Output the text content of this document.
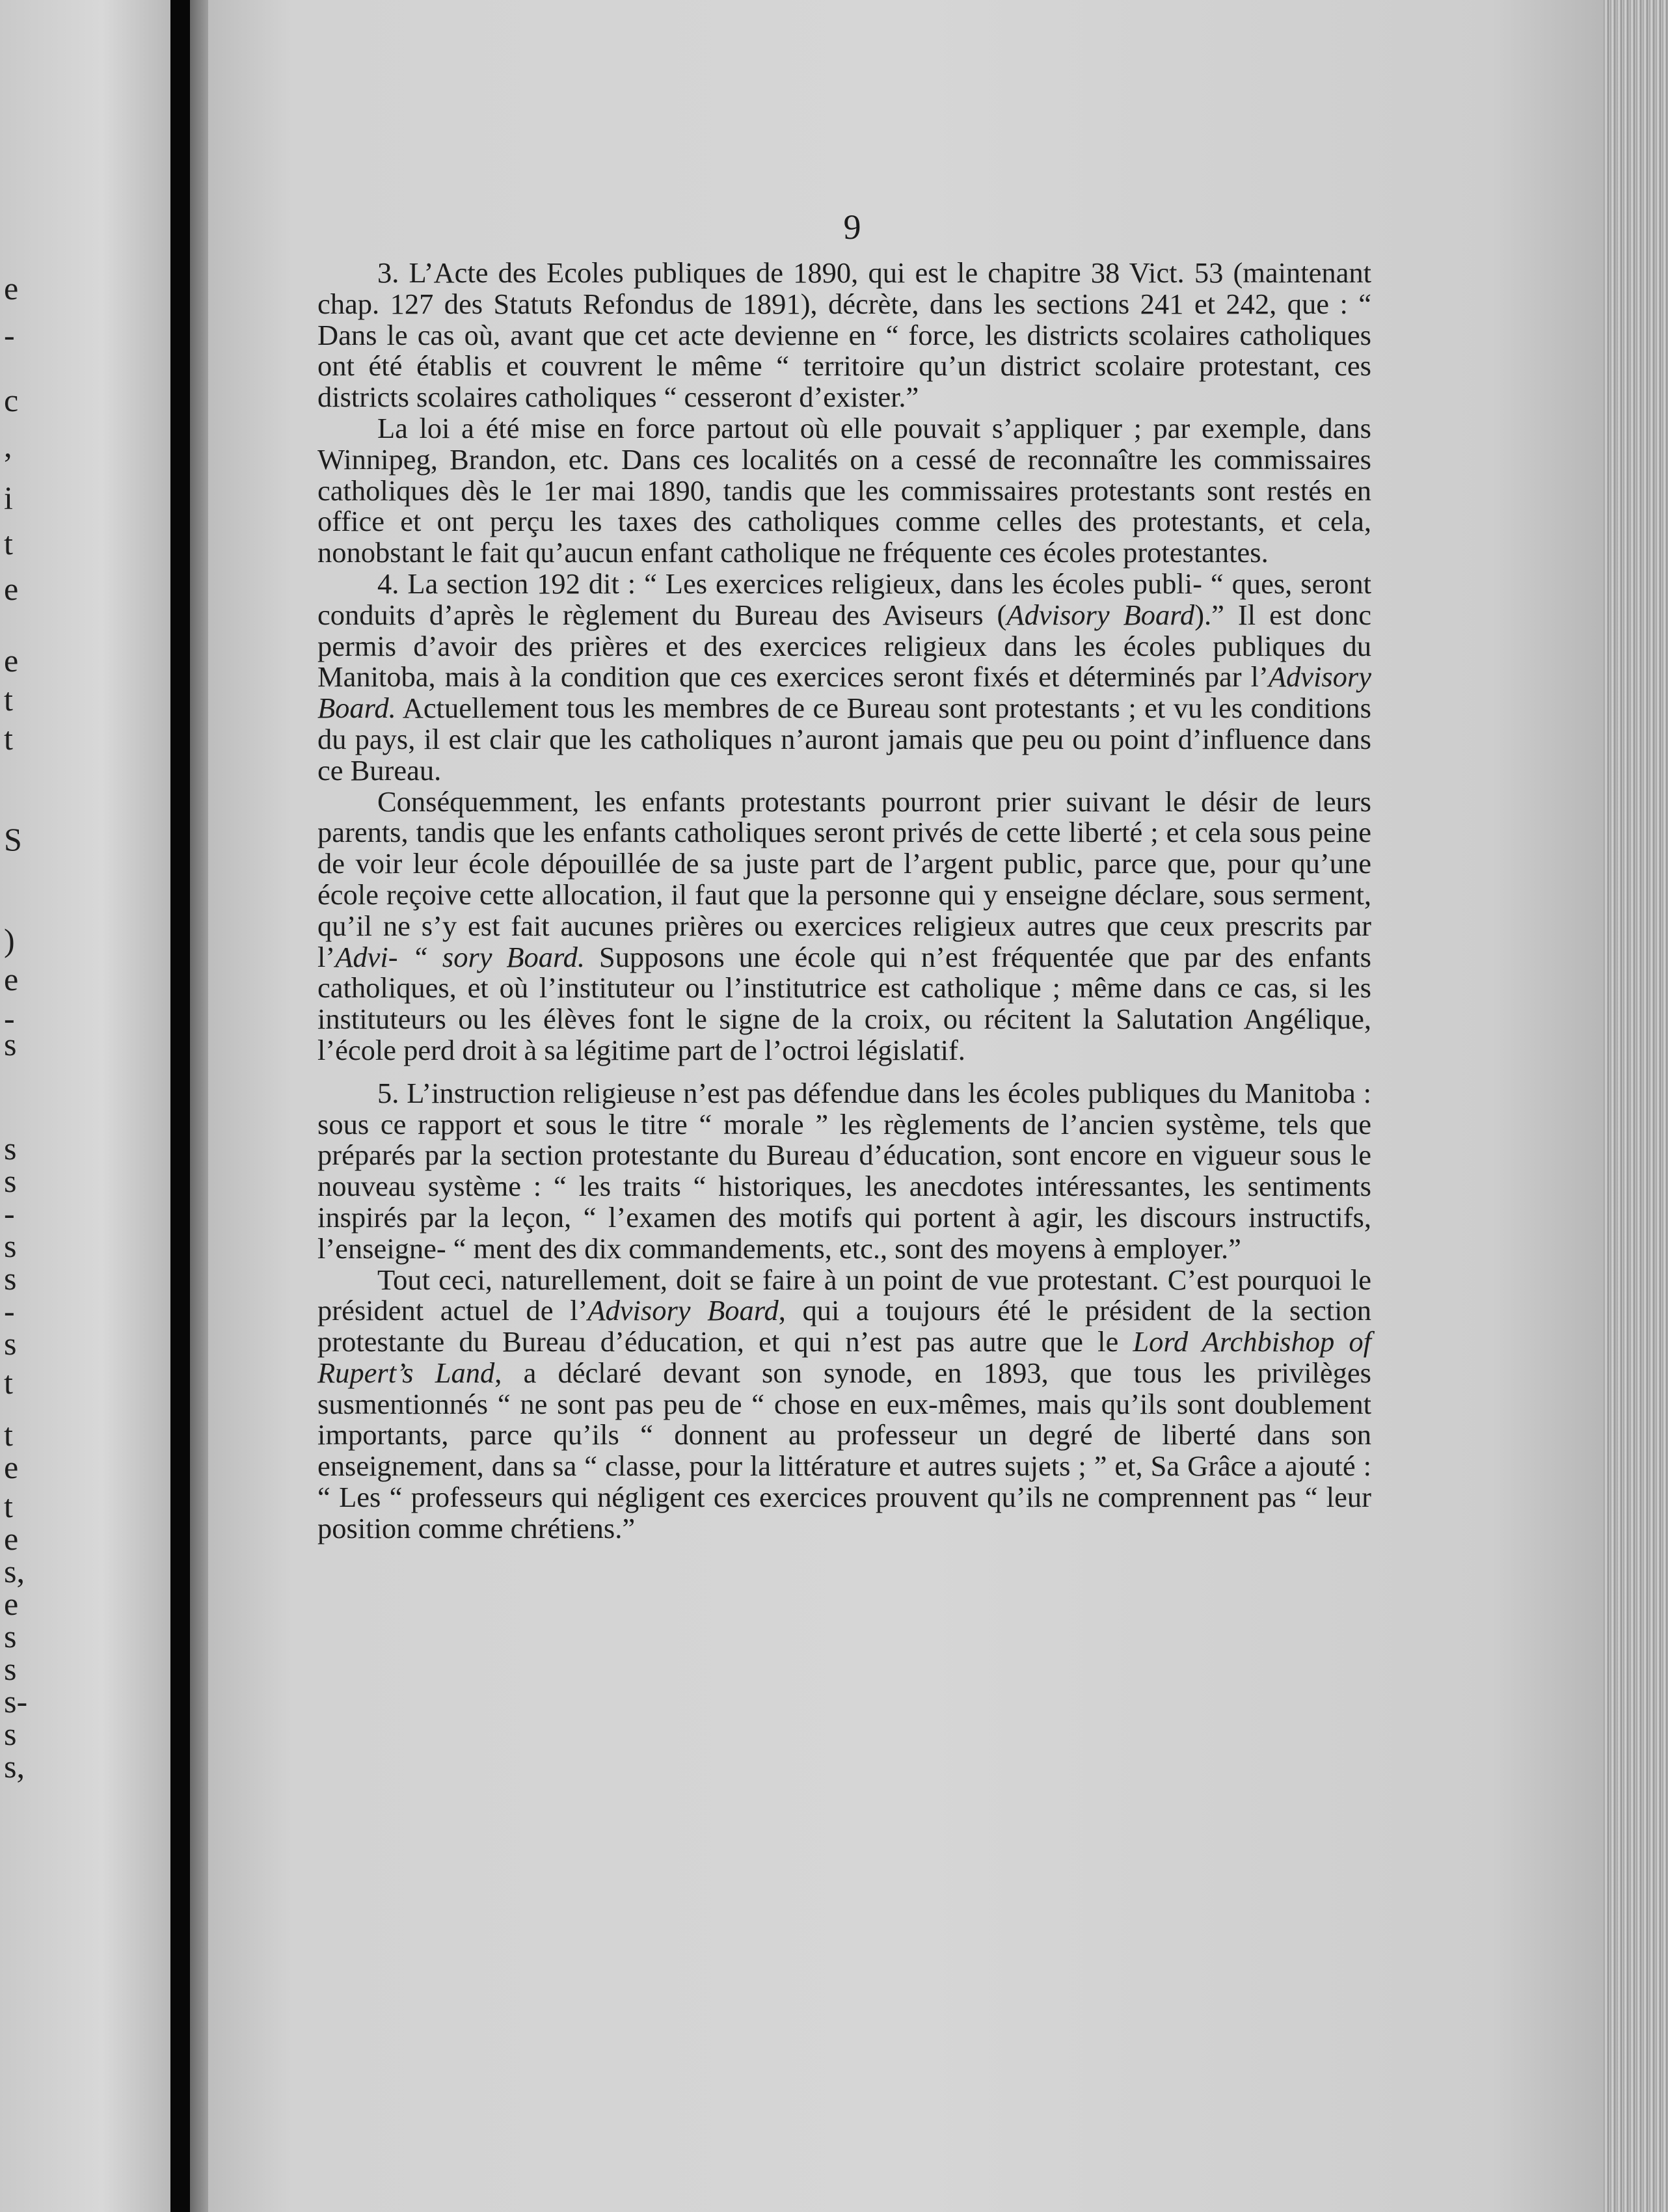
e
-
c
,
i
t
e
e
t
t
S
)
e
-
s
s
s
-
s
s
-
s
t
t
e
t
e
s,
e
s
s
s-
s
s,
9

3. L’Acte des Ecoles publiques de 1890, qui est le chapitre 38 Vict. 53 (maintenant chap. 127 des Statuts Refondus de 1891), décrète, dans les sections 241 et 242, que : “ Dans le cas où, avant que cet acte devienne en “ force, les districts scolaires catholiques ont été établis et couvrent le même “ territoire qu’un district scolaire protestant, ces districts scolaires catholiques “ cesseront d’exister.”

La loi a été mise en force partout où elle pouvait s’appliquer ; par exemple, dans Winnipeg, Brandon, etc. Dans ces localités on a cessé de reconnaître les commissaires catholiques dès le 1er mai 1890, tandis que les commissaires protestants sont restés en office et ont perçu les taxes des catholiques comme celles des protestants, et cela, nonobstant le fait qu’aucun enfant catholique ne fréquente ces écoles protestantes.

4. La section 192 dit : “ Les exercices religieux, dans les écoles publi- “ ques, seront conduits d’après le règlement du Bureau des Aviseurs (Advisory Board).” Il est donc permis d’avoir des prières et des exercices religieux dans les écoles publiques du Manitoba, mais à la condition que ces exercices seront fixés et déterminés par l’Advisory Board. Actuellement tous les membres de ce Bureau sont protestants ; et vu les conditions du pays, il est clair que les catholiques n’auront jamais que peu ou point d’influence dans ce Bureau.

Conséquemment, les enfants protestants pourront prier suivant le désir de leurs parents, tandis que les enfants catholiques seront privés de cette liberté ; et cela sous peine de voir leur école dépouillée de sa juste part de l’argent public, parce que, pour qu’une école reçoive cette allocation, il faut que la personne qui y enseigne déclare, sous serment, qu’il ne s’y est fait aucunes prières ou exercices religieux autres que ceux prescrits par l’Advi- “ sory Board. Supposons une école qui n’est fréquentée que par des enfants catholiques, et où l’instituteur ou l’institutrice est catholique ; même dans ce cas, si les instituteurs ou les élèves font le signe de la croix, ou récitent la Salutation Angélique, l’école perd droit à sa légitime part de l’octroi législatif.

5. L’instruction religieuse n’est pas défendue dans les écoles publiques du Manitoba : sous ce rapport et sous le titre “ morale ” les règlements de l’ancien système, tels que préparés par la section protestante du Bureau d’éducation, sont encore en vigueur sous le nouveau système : “ les traits “ historiques, les anecdotes intéressantes, les sentiments inspirés par la leçon, “ l’examen des motifs qui portent à agir, les discours instructifs, l’enseigne- “ ment des dix commandements, etc., sont des moyens à employer.”

Tout ceci, naturellement, doit se faire à un point de vue protestant. C’est pourquoi le président actuel de l’Advisory Board, qui a toujours été le président de la section protestante du Bureau d’éducation, et qui n’est pas autre que le Lord Archbishop of Rupert’s Land, a déclaré devant son synode, en 1893, que tous les privilèges susmentionnés “ ne sont pas peu de “ chose en eux-mêmes, mais qu’ils sont doublement importants, parce qu’ils “ donnent au professeur un degré de liberté dans son enseignement, dans sa “ classe, pour la littérature et autres sujets ; ” et, Sa Grâce a ajouté : “ Les “ professeurs qui négligent ces exercices prouvent qu’ils ne comprennent pas “ leur position comme chrétiens.”
